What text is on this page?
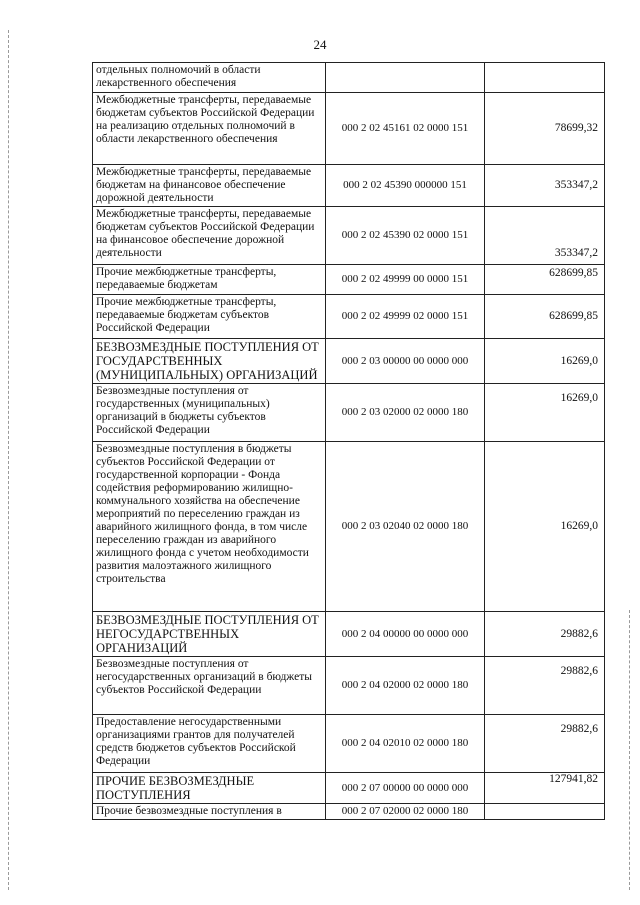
24
отдельных полномочий в области лекарственного обеспечения		
Межбюджетные трансферты, передаваемые бюджетам субъектов Российской Федерации на реализацию отдельных полномочий в области лекарственного обеспечения	000 2 02 45161 02 0000 151	78699,32
Межбюджетные трансферты, передаваемые бюджетам на финансовое обеспечение дорожной деятельности	000 2 02 45390 000000 151	353347,2
Межбюджетные трансферты, передаваемые бюджетам субъектов Российской Федерации на финансовое обеспечение дорожной деятельности	000 2 02 45390 02 0000 151	353347,2
Прочие межбюджетные трансферты, передаваемые бюджетам	000 2 02 49999 00 0000 151	628699,85
Прочие межбюджетные трансферты, передаваемые бюджетам субъектов Российской Федерации	000 2 02 49999 02 0000 151	628699,85
БЕЗВОЗМЕЗДНЫЕ ПОСТУПЛЕНИЯ ОТ ГОСУДАРСТВЕННЫХ (МУНИЦИПАЛЬНЫХ) ОРГАНИЗАЦИЙ	000 2 03 00000 00 0000 000	16269,0
Безвозмездные поступления от государственных (муниципальных) организаций в бюджеты субъектов Российской Федерации	000 2 03 02000 02 0000 180	16269,0
Безвозмездные поступления в бюджеты субъектов Российской Федерации от государственной корпорации - Фонда содействия реформированию жилищно-коммунального хозяйства на обеспечение мероприятий по переселению граждан из аварийного жилищного фонда, в том числе переселению граждан из аварийного жилищного фонда с учетом необходимости развития малоэтажного жилищного строительства	000 2 03 02040 02 0000 180	16269,0
БЕЗВОЗМЕЗДНЫЕ ПОСТУПЛЕНИЯ ОТ НЕГОСУДАРСТВЕННЫХ ОРГАНИЗАЦИЙ	000 2 04 00000 00 0000 000	29882,6
Безвозмездные поступления от негосударственных организаций в бюджеты субъектов Российской Федерации	000 2 04 02000 02 0000 180	29882,6
Предоставление негосударственными организациями грантов для получателей средств бюджетов субъектов Российской Федерации	000 2 04 02010 02 0000 180	29882,6
ПРОЧИЕ БЕЗВОЗМЕЗДНЫЕ ПОСТУПЛЕНИЯ	000 2 07 00000 00 0000 000	127941,82
Прочие безвозмездные поступления в	000 2 07 02000 02 0000 180	
